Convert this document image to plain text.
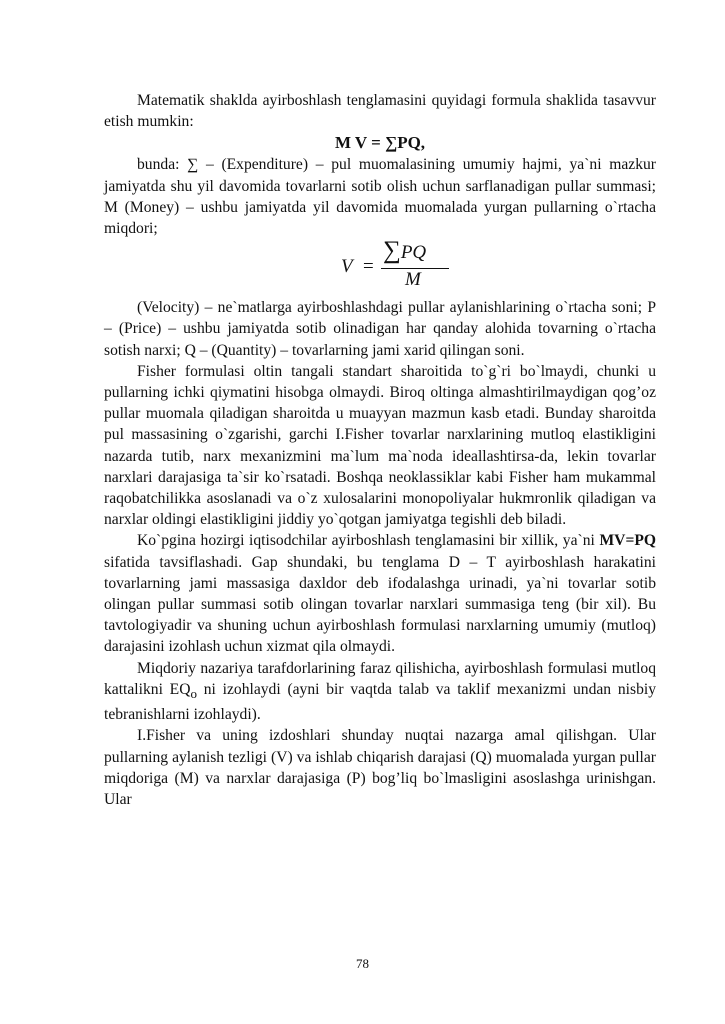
Matematik shaklda ayirboshlash tenglamasini quyidagi formula shaklida tasavvur etish mumkin:

M V = ∑PQ,

bunda: ∑ – (Expenditure) – pul muomalasining umumiy hajmi, ya`ni mazkur jamiyatda shu yil davomida tovarlarni sotib olish uchun sarflanadigan pullar summasi; M (Money) – ushbu jamiyatda yil davomida muomalada yurgan pullarning o`rtacha miqdori;

V =
∑PQ
M

(Velocity) – ne`matlarga ayirboshlashdagi pullar aylanishlarining o`rtacha soni; P – (Price) – ushbu jamiyatda sotib olinadigan har qanday alohida tovarning o`rtacha sotish narxi; Q – (Quantity) – tovarlarning jami xarid qilingan soni.

Fisher formulasi oltin tangali standart sharoitida to`g`ri bo`lmaydi, chunki u pullarning ichki qiymatini hisobga olmaydi. Biroq oltinga almashtirilmaydigan qog’oz pullar muomala qiladigan sharoitda u muayyan mazmun kasb etadi. Bunday sharoitda pul massasining o`zgarishi, garchi I.Fisher tovarlar narxlarining mutloq elastikligini nazarda tutib, narx mexanizmini ma`lum ma`noda ideallashtirsa-da, lekin tovarlar narxlari darajasiga ta`sir ko`rsatadi. Boshqa neoklassiklar kabi Fisher ham mukammal raqobatchilikka asoslanadi va o`z xulosalarini monopoliyalar hukmronlik qiladigan va narxlar oldingi elastikligini jiddiy yo`qotgan jamiyatga tegishli deb biladi.

Ko`pgina hozirgi iqtisodchilar ayirboshlash tenglamasini bir xillik, ya`ni MV=PQ sifatida tavsiflashadi. Gap shundaki, bu tenglama D – T ayirboshlash harakatini tovarlarning jami massasiga daxldor deb ifodalashga urinadi, ya`ni tovarlar sotib olingan pullar summasi sotib olingan tovarlar narxlari summasiga teng (bir xil). Bu tavtologiyadir va shuning uchun ayirboshlash formulasi narxlarning umumiy (mutloq) darajasini izohlash uchun xizmat qila olmaydi.

Miqdoriy nazariya tarafdorlarining faraz qilishicha, ayirboshlash formulasi mutloq kattalikni $EQ_o$ ni izohlaydi (ayni bir vaqtda talab va taklif mexanizmi undan nisbiy tebranishlarni izohlaydi).

I.Fisher va uning izdoshlari shunday nuqtai nazarga amal qilishgan. Ular pullarning aylanish tezligi (V) va ishlab chiqarish darajasi (Q) muomalada yurgan pullar miqdoriga (M) va narxlar darajasiga (P) bog’liq bo`lmasligini asoslashga urinishgan. Ular

78
